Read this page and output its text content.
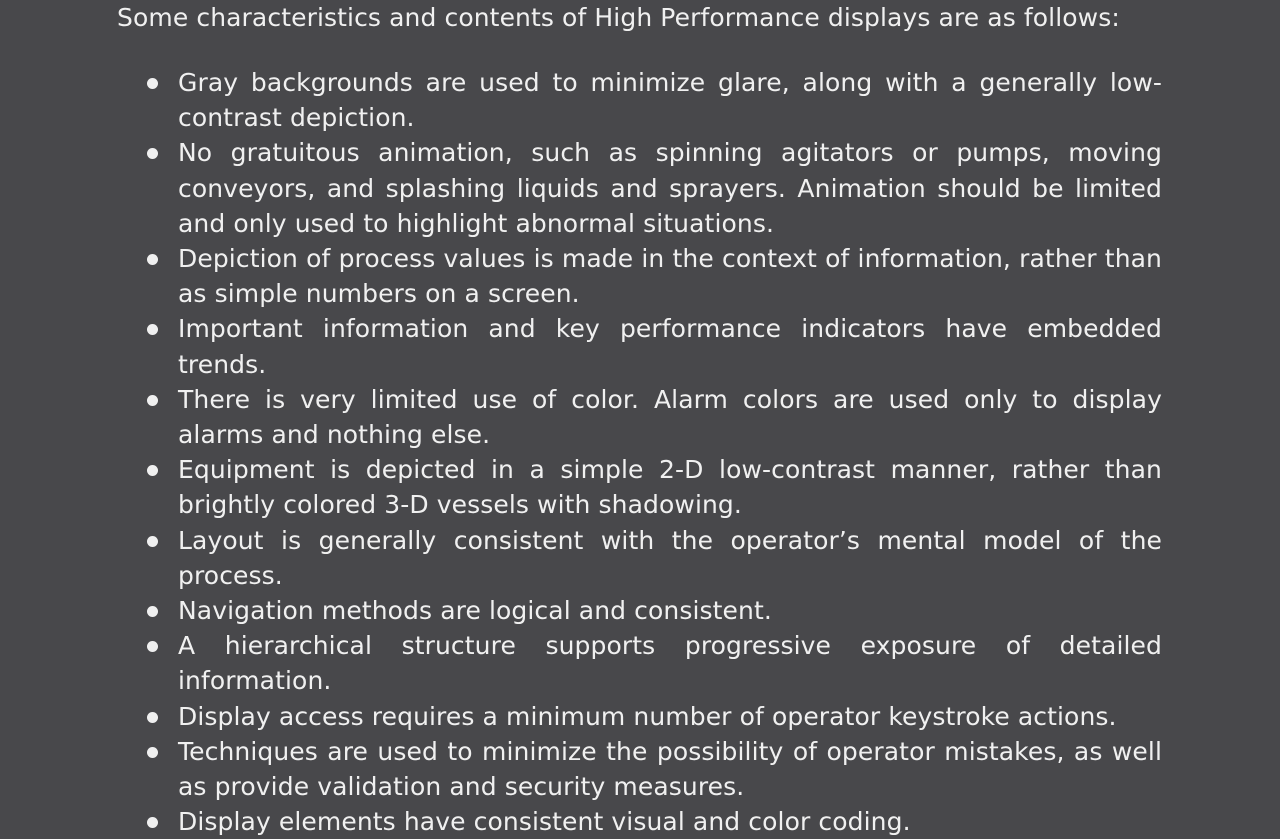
Some characteristics and contents of High Performance displays are as follows:

Gray backgrounds are used to minimize glare, along with a generally low-contrast depiction.
No gratuitous animation, such as spinning agitators or pumps, moving conveyors, and splashing liquids and sprayers. Animation should be limited and only used to highlight abnormal situations.
Depiction of process values is made in the context of information, rather than as simple numbers on a screen.
Important information and key performance indicators have embedded trends.
There is very limited use of color. Alarm colors are used only to display alarms and nothing else.
Equipment is depicted in a simple 2-D low-contrast manner, rather than brightly colored 3-D vessels with shadowing.
Layout is generally consistent with the operator’s mental model of the process.
Navigation methods are logical and consistent.
A hierarchical structure supports progressive exposure of detailed information.
Display access requires a minimum number of operator keystroke actions.
Techniques are used to minimize the possibility of operator mistakes, as well as provide validation and security measures.
Display elements have consistent visual and color coding.
